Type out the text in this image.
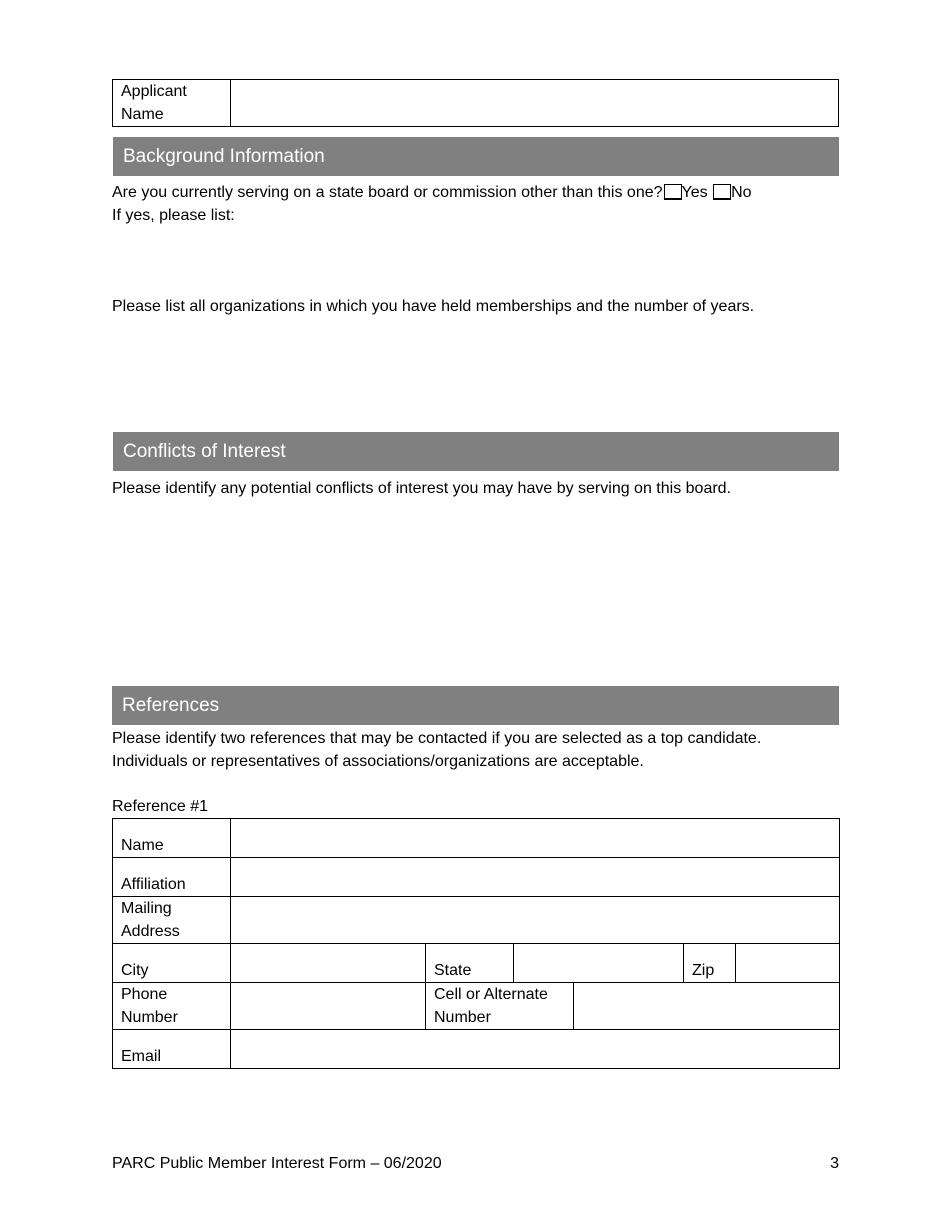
Applicant Name	
Background Information
Are you currently serving on a state board or commission other than this one? Yes No
If yes, please list:
Please list all organizations in which you have held memberships and the number of years.
Conflicts of Interest
Please identify any potential conflicts of interest you may have by serving on this board.
References
Please identify two references that may be contacted if you are selected as a top candidate.
Individuals or representatives of associations/organizations are acceptable.
Reference #1
Name						
Affiliation						
Mailing Address						
City		State			Zip	
Phone Number		Cell or Alternate Number				
Email						
PARC Public Member Interest Form – 06/2020	3
